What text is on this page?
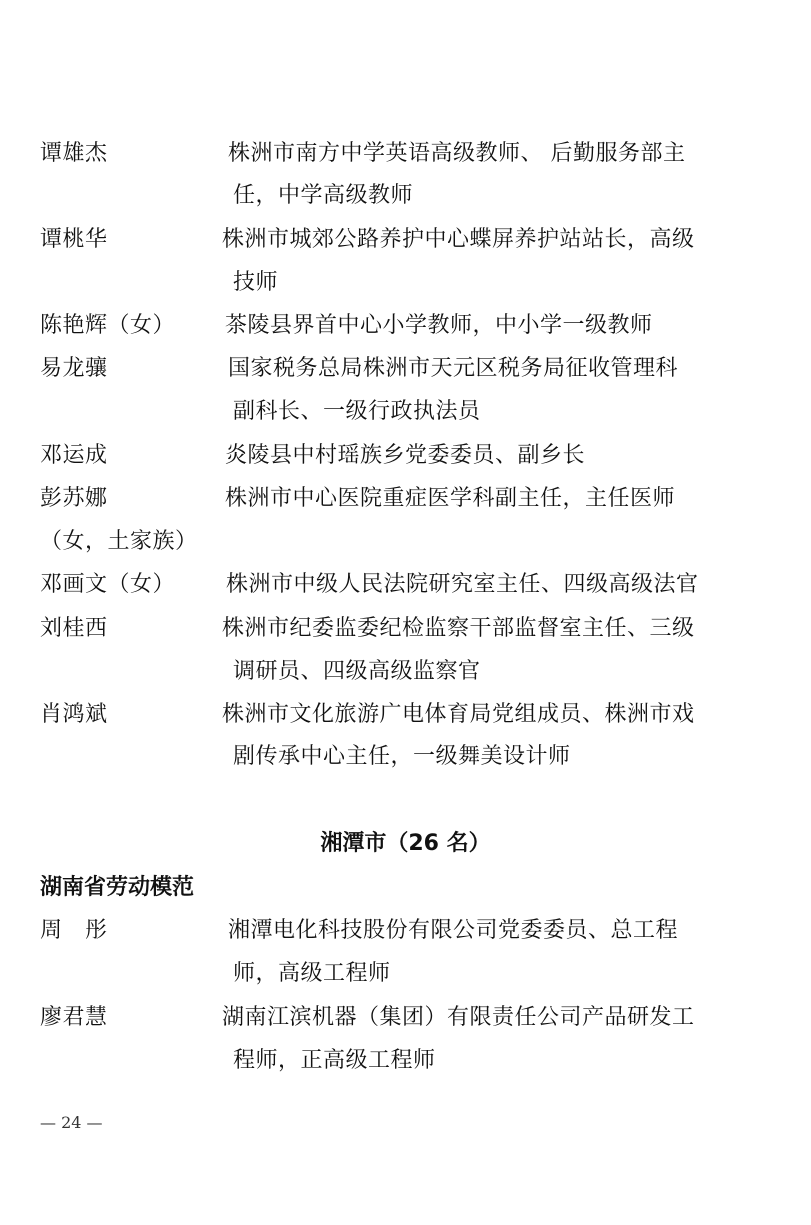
谭雄杰	株洲市南方中学英语高级教师、 后勤服务部主
任，中学高级教师
谭桃华	株洲市城郊公路养护中心蝶屏养护站站长，高级
技师
陈艳辉（女） 茶陵县界首中心小学教师，中小学一级教师
易龙骧	国家税务总局株洲市天元区税务局征收管理科
副科长、一级行政执法员
邓运成	炎陵县中村瑶族乡党委委员、副乡长
彭苏娜	株洲市中心医院重症医学科副主任，主任医师
（女，土家族）
邓画文（女） 株洲市中级人民法院研究室主任、四级高级法官
刘桂西	株洲市纪委监委纪检监察干部监督室主任、三级
调研员、四级高级监察官
肖鸿斌	株洲市文化旅游广电体育局党组成员、株洲市戏
剧传承中心主任，一级舞美设计师
湘潭市（26 名）
湖南省劳动模范
周　彤	湘潭电化科技股份有限公司党委委员、总工程
师，高级工程师
廖君慧	湖南江滨机器（集团）有限责任公司产品研发工
程师，正高级工程师
— 24 —
